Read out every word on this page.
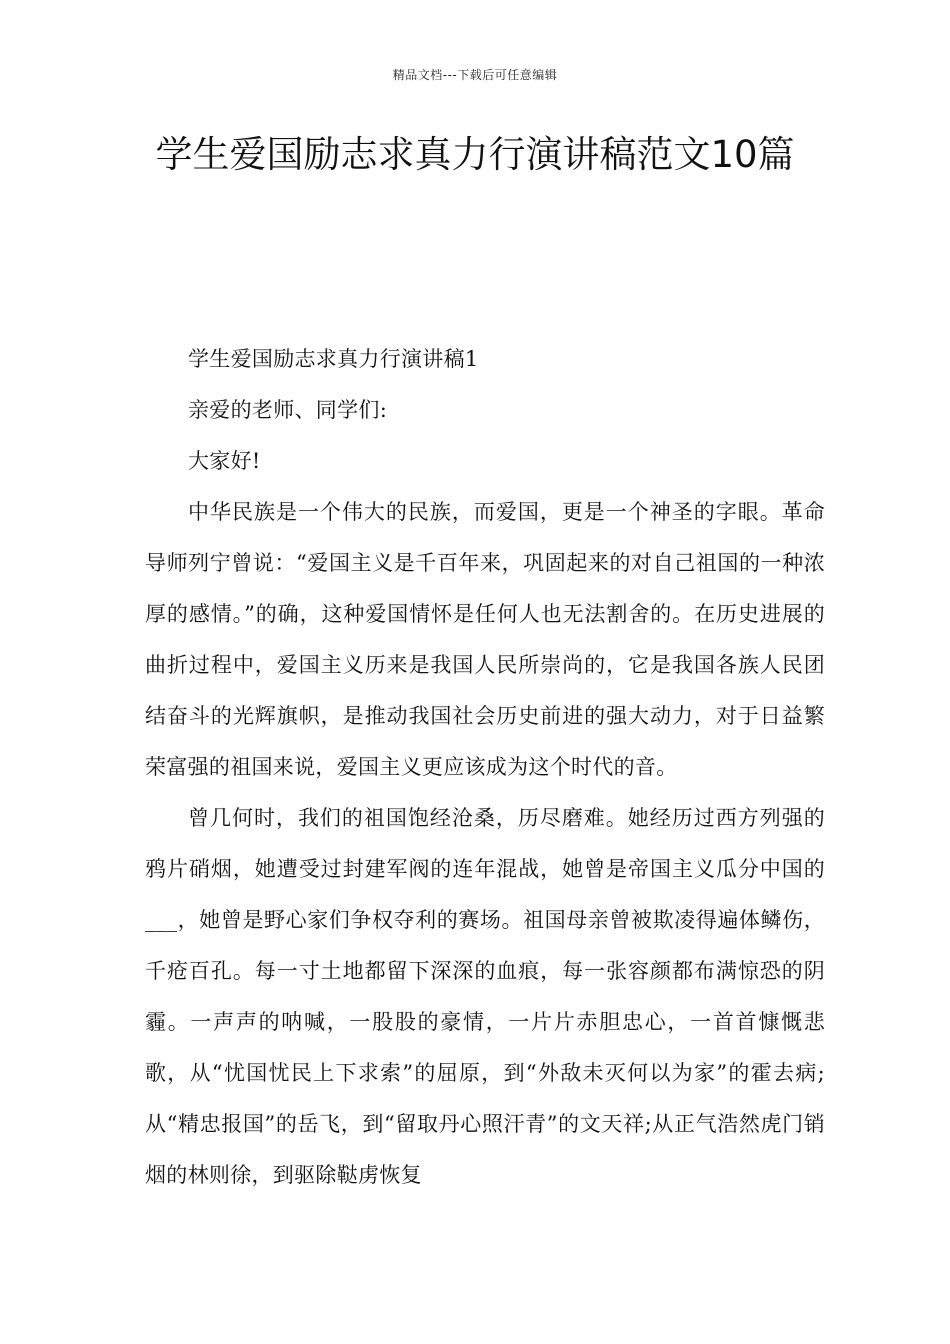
精品文档---下载后可任意编辑
学生爱国励志求真力行演讲稿范文10篇

学生爱国励志求真力行演讲稿1

亲爱的老师、同学们:

大家好!

中华民族是一个伟大的民族，而爱国，更是一个神圣的字眼。革命导师列宁曾说：“爱国主义是千百年来，巩固起来的对自己祖国的一种浓厚的感情。”的确，这种爱国情怀是任何人也无法割舍的。在历史进展的曲折过程中，爱国主义历来是我国人民所崇尚的，它是我国各族人民团结奋斗的光辉旗帜，是推动我国社会历史前进的强大动力，对于日益繁荣富强的祖国来说，爱国主义更应该成为这个时代的音。

曾几何时，我们的祖国饱经沧桑，历尽磨难。她经历过西方列强的鸦片硝烟，她遭受过封建军阀的连年混战，她曾是帝国主义瓜分中国的___，她曾是野心家们争权夺利的赛场。祖国母亲曾被欺凌得遍体鳞伤，千疮百孔。每一寸土地都留下深深的血痕，每一张容颜都布满惊恐的阴霾。一声声的呐喊，一股股的豪情，一片片赤胆忠心，一首首慷慨悲歌，从“忧国忧民上下求索”的屈原，到“外敌未灭何以为家”的霍去病;从“精忠报国”的岳飞，到“留取丹心照汗青”的文天祥;从正气浩然虎门销烟的林则徐，到驱除鞑虏恢复
